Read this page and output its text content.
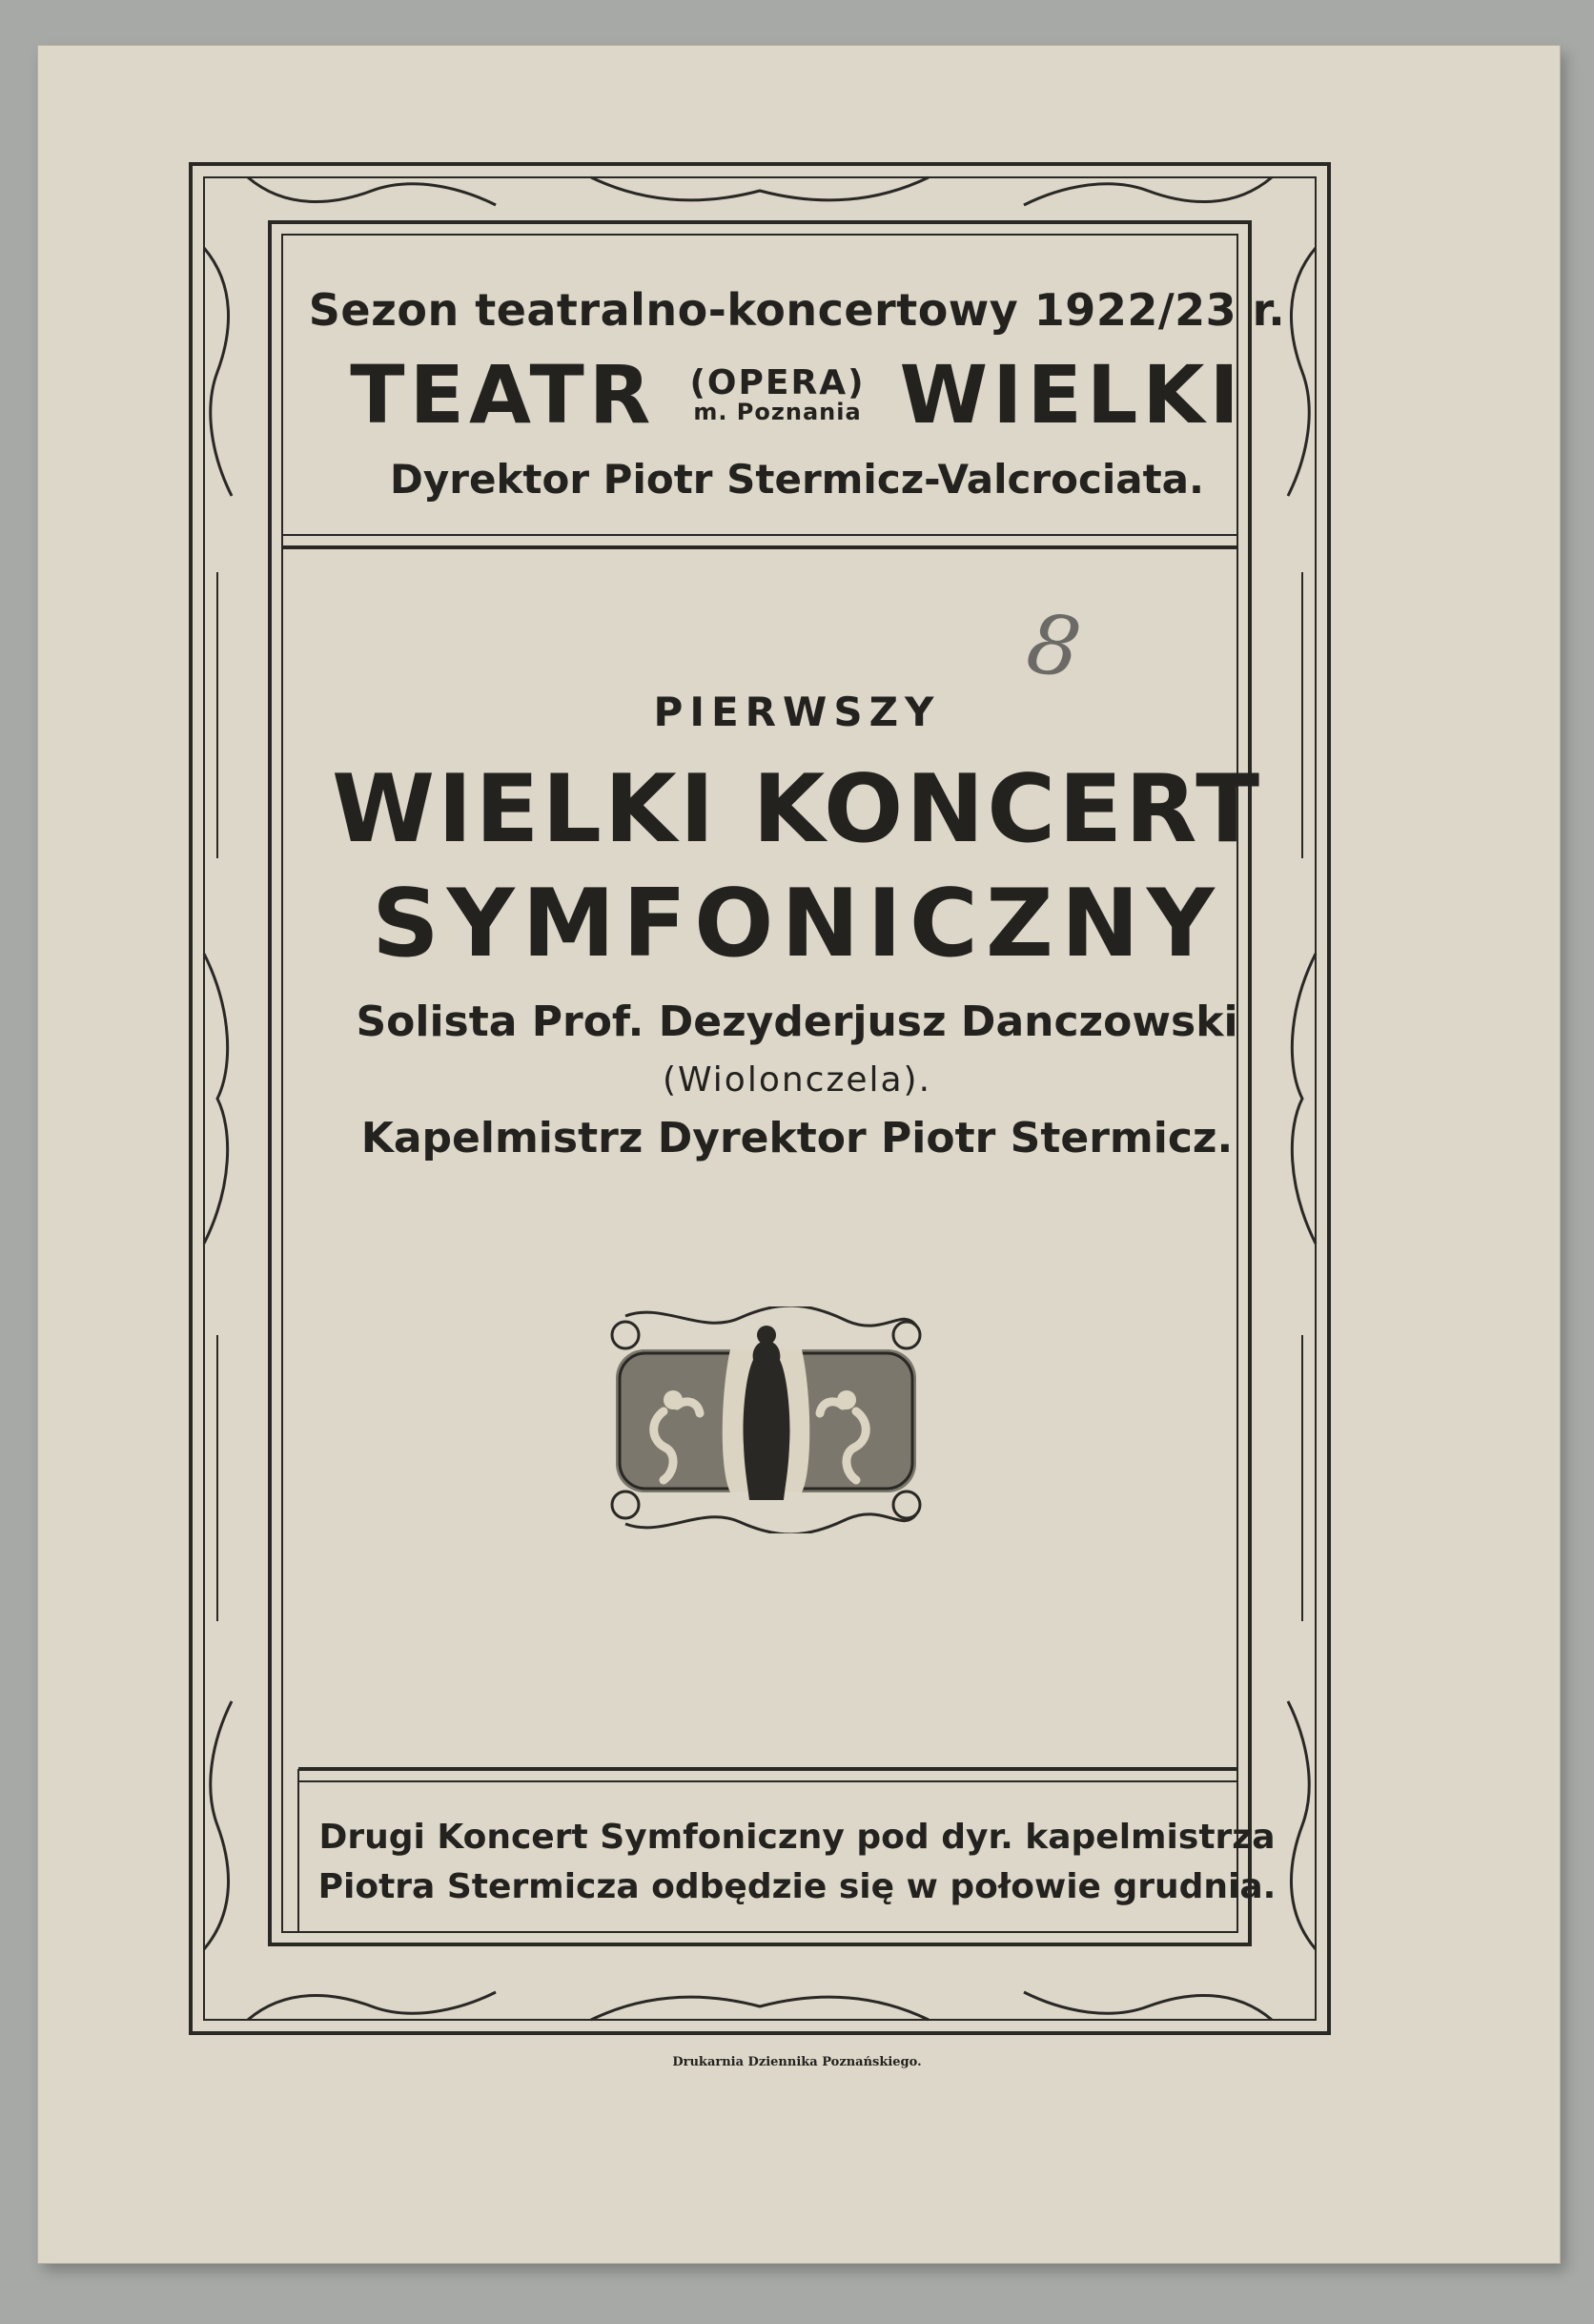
Sezon teatralno-koncertowy 1922/23 r.
TEATR (OPERA)
m. Poznania WIELKI
Dyrektor Piotr Stermicz-Valcrociata.
8
PIERWSZY
WIELKI KONCERT
SYMFONICZNY
Solista Prof. Dezyderjusz Danczowski
(Wiolonczela).
Kapelmistrz Dyrektor Piotr Stermicz.
Drugi Koncert Symfoniczny pod dyr. kapelmistrza
Piotra Stermicza odbędzie się w połowie grudnia.
Drukarnia Dziennika Poznańskiego.
